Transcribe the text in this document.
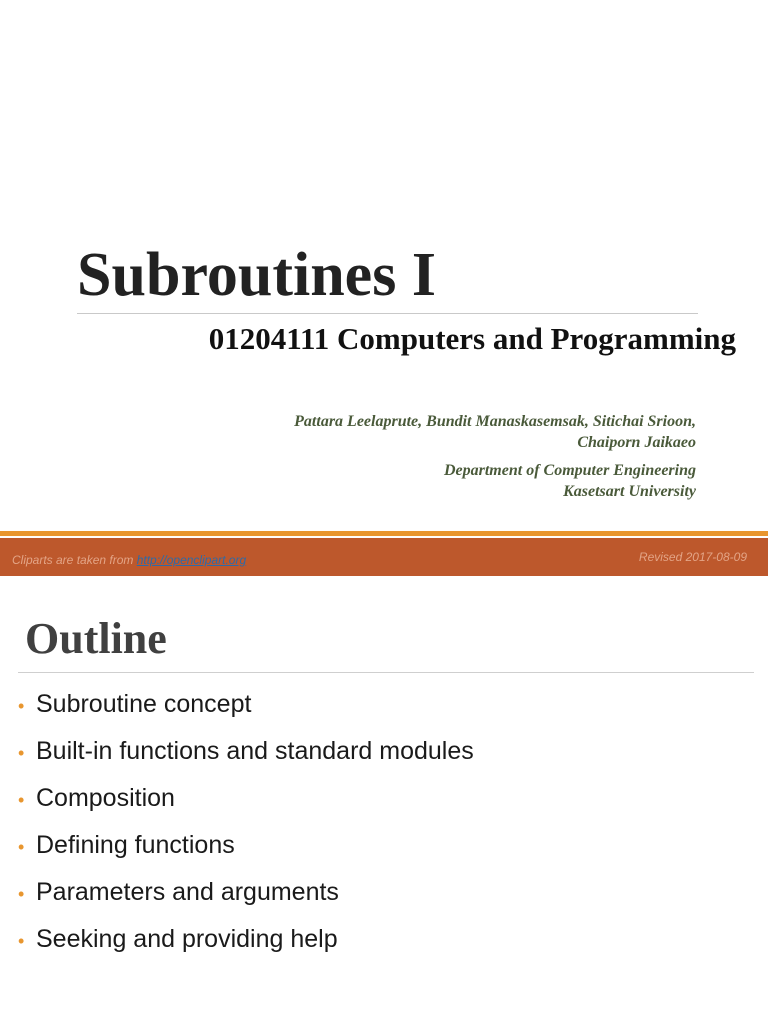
Subroutines I
01204111 Computers and Programming
Pattara Leelaprute, Bundit Manaskasemsak, Sitichai Srioon,
Chaiporn Jaikaeo
Department of Computer Engineering
Kasetsart University
Cliparts are taken from http://openclipart.org	Revised 2017-08-09
Outline
• Subroutine concept
• Built-in functions and standard modules
• Composition
• Defining functions
• Parameters and arguments
• Seeking and providing help
